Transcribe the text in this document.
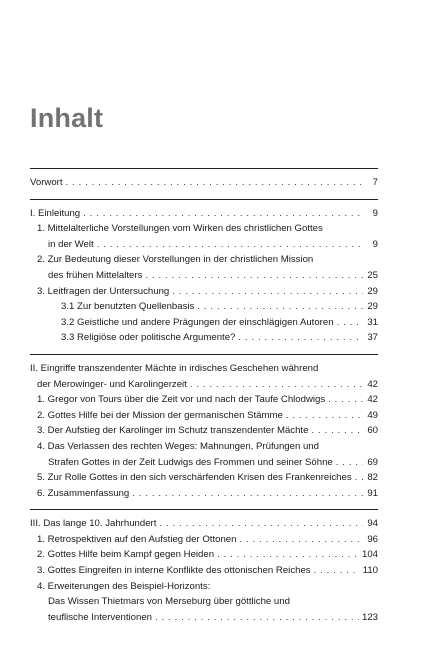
Inhalt
Vorwort . . .	7
I. Einleitung . . .	9
1. Mittelalterliche Vorstellungen vom Wirken des christlichen Gottes
in der Welt . . .	9
2. Zur Bedeutung dieser Vorstellungen in der christlichen Mission
des frühen Mittelalters . . .	25
3. Leitfragen der Untersuchung . . .	29
3.1 Zur benutzten Quellenbasis . . .	29
3.2 Geistliche und andere Prägungen der einschlägigen Autoren . . .	31
3.3 Religiöse oder politische Argumente? . . .	37
II. Eingriffe transzendenter Mächte in irdisches Geschehen während
der Merowinger- und Karolingerzeit . . .	42
1. Gregor von Tours über die Zeit vor und nach der Taufe Chlodwigs . . .	42
2. Gottes Hilfe bei der Mission der germanischen Stämme . . .	49
3. Der Aufstieg der Karolinger im Schutz transzendenter Mächte . . .	60
4. Das Verlassen des rechten Weges: Mahnungen, Prüfungen und
Strafen Gottes in der Zeit Ludwigs des Frommen und seiner Söhne . . .	69
5. Zur Rolle Gottes in den sich verschärfenden Krisen des Frankenreiches . . . 82
6. Zusammenfassung . . .	91
III. Das lange 10. Jahrhundert . . .	94
1. Retrospektiven auf den Aufstieg der Ottonen . . .	96
2. Gottes Hilfe beim Kampf gegen Heiden . . .	104
3. Gottes Eingreifen in interne Konflikte des ottonischen Reiches . . .	110
4. Erweiterungen des Beispiel-Horizonts:
Das Wissen Thietmars von Merseburg über göttliche und
teuflische Interventionen . . .	123
